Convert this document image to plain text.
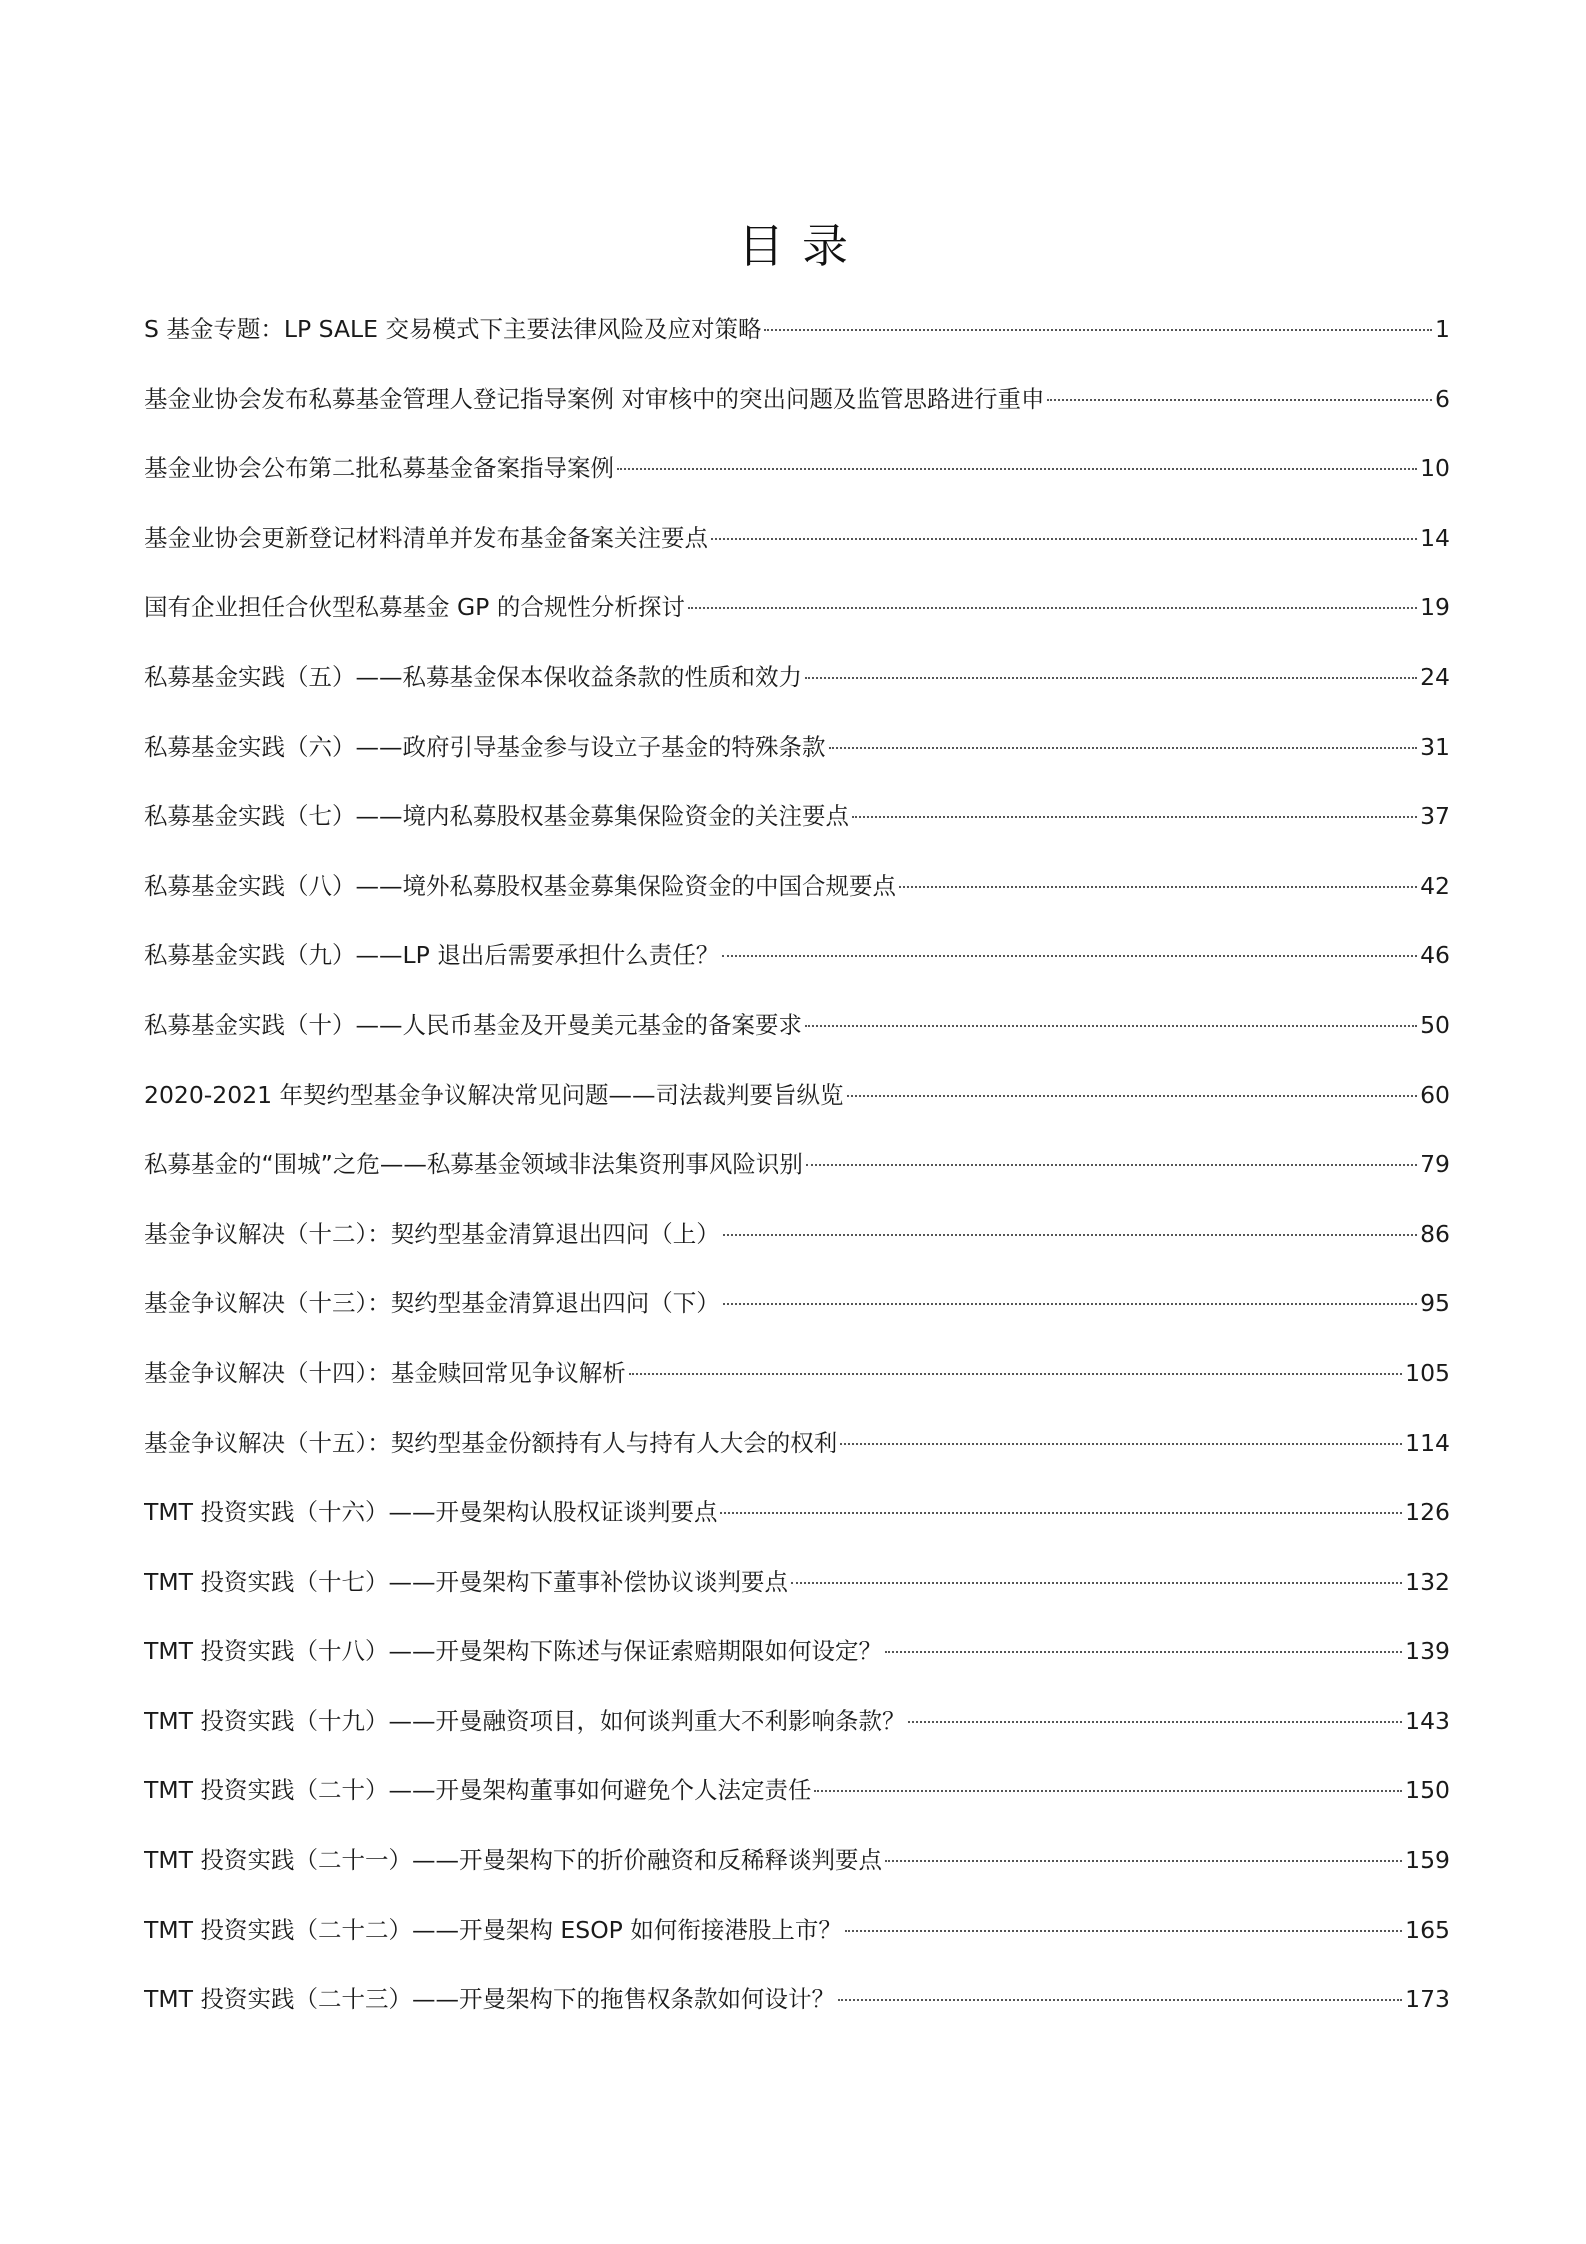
目录
S 基金专题：LP SALE 交易模式下主要法律风险及应对策略	1
基金业协会发布私募基金管理人登记指导案例 对审核中的突出问题及监管思路进行重申	6
基金业协会公布第二批私募基金备案指导案例	10
基金业协会更新登记材料清单并发布基金备案关注要点	14
国有企业担任合伙型私募基金 GP 的合规性分析探讨	19
私募基金实践（五）——私募基金保本保收益条款的性质和效力	24
私募基金实践（六）——政府引导基金参与设立子基金的特殊条款	31
私募基金实践（七）——境内私募股权基金募集保险资金的关注要点	37
私募基金实践（八）——境外私募股权基金募集保险资金的中国合规要点	42
私募基金实践（九）——LP 退出后需要承担什么责任？	46
私募基金实践（十）——人民币基金及开曼美元基金的备案要求	50
2020-2021 年契约型基金争议解决常见问题——司法裁判要旨纵览	60
私募基金的“围城”之危——私募基金领域非法集资刑事风险识别	79
基金争议解决（十二）：契约型基金清算退出四问（上）	86
基金争议解决（十三）：契约型基金清算退出四问（下）	95
基金争议解决（十四）：基金赎回常见争议解析	105
基金争议解决（十五）：契约型基金份额持有人与持有人大会的权利	114
TMT 投资实践（十六）——开曼架构认股权证谈判要点	126
TMT 投资实践（十七）——开曼架构下董事补偿协议谈判要点	132
TMT 投资实践（十八）——开曼架构下陈述与保证索赔期限如何设定？	139
TMT 投资实践（十九）——开曼融资项目，如何谈判重大不利影响条款？	143
TMT 投资实践（二十）——开曼架构董事如何避免个人法定责任	150
TMT 投资实践（二十一）——开曼架构下的折价融资和反稀释谈判要点	159
TMT 投资实践（二十二）——开曼架构 ESOP 如何衔接港股上市？	165
TMT 投资实践（二十三）——开曼架构下的拖售权条款如何设计？	173
